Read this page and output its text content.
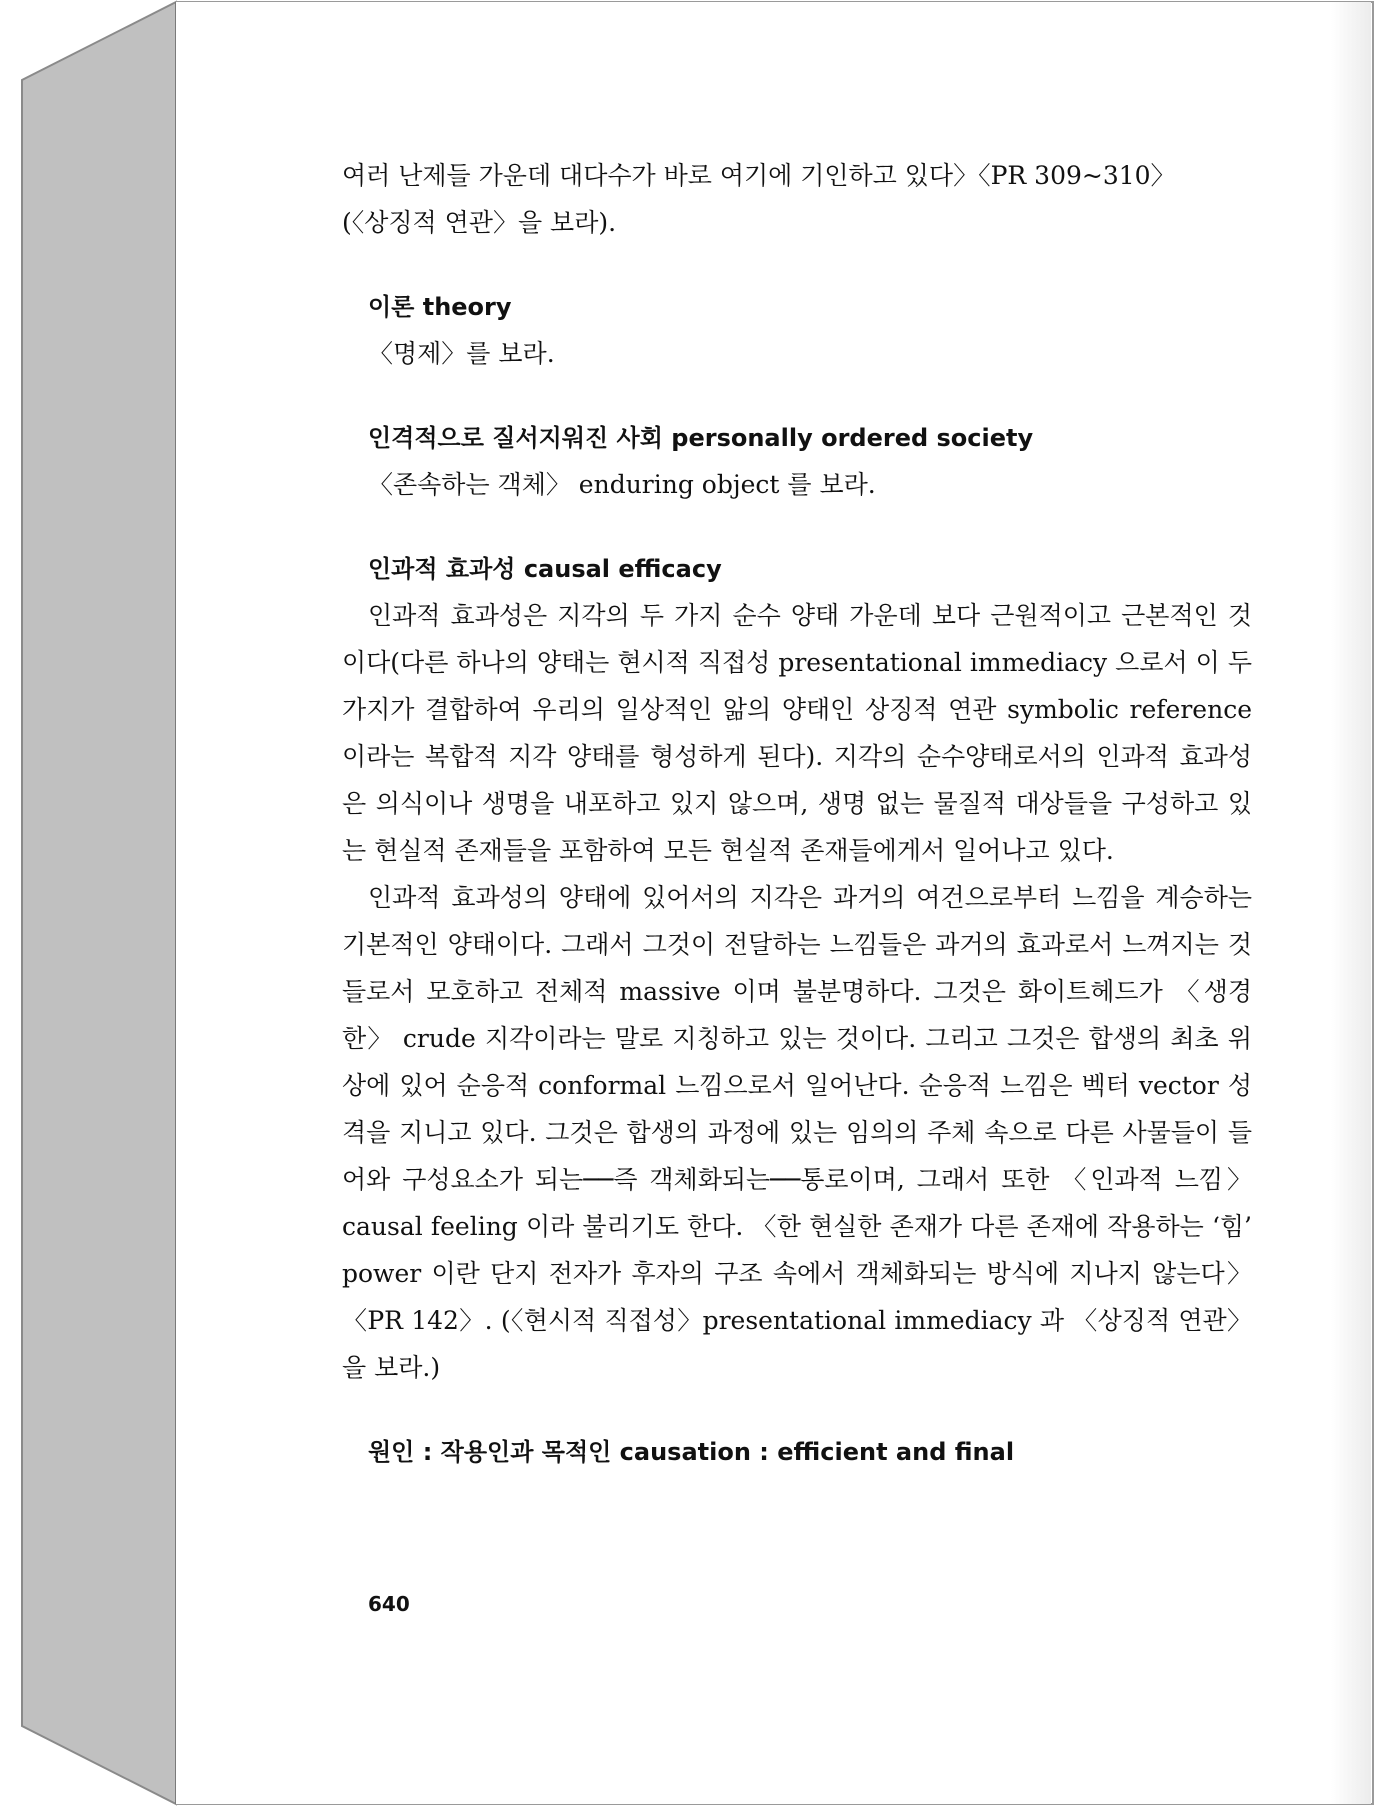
여러 난제들 가운데 대다수가 바로 여기에 기인하고 있다〉〈PR 309~310〉

(〈상징적 연관〉을 보라).

이론 theory

〈명제〉를 보라.

인격적으로 질서지워진 사회 personally ordered society

〈존속하는 객체〉 enduring object 를 보라.

인과적 효과성 causal efficacy

인과적 효과성은 지각의 두 가지 순수 양태 가운데 보다 근원적이고 근본적인 것이다(다른 하나의 양태는 현시적 직접성 presentational immediacy 으로서 이 두 가지가 결합하여 우리의 일상적인 앎의 양태인 상징적 연관 symbolic reference 이라는 복합적 지각 양태를 형성하게 된다). 지각의 순수양태로서의 인과적 효과성은 의식이나 생명을 내포하고 있지 않으며, 생명 없는 물질적 대상들을 구성하고 있는 현실적 존재들을 포함하여 모든 현실적 존재들에게서 일어나고 있다.

인과적 효과성의 양태에 있어서의 지각은 과거의 여건으로부터 느낌을 계승하는 기본적인 양태이다. 그래서 그것이 전달하는 느낌들은 과거의 효과로서 느껴지는 것들로서 모호하고 전체적 massive 이며 불분명하다. 그것은 화이트헤드가 〈생경한〉 crude 지각이라는 말로 지칭하고 있는 것이다. 그리고 그것은 합생의 최초 위상에 있어 순응적 conformal 느낌으로서 일어난다. 순응적 느낌은 벡터 vector 성격을 지니고 있다. 그것은 합생의 과정에 있는 임의의 주체 속으로 다른 사물들이 들어와 구성요소가 되는──즉 객체화되는──통로이며, 그래서 또한 〈인과적 느낌〉 causal feeling 이라 불리기도 한다. 〈한 현실한 존재가 다른 존재에 작용하는 ‘힘’ power 이란 단지 전자가 후자의 구조 속에서 객체화되는 방식에 지나지 않는다〉〈PR 142〉. (〈현시적 직접성〉presentational immediacy 과 〈상징적 연관〉을 보라.)

원인 : 작용인과 목적인 causation : efficient and final

640
